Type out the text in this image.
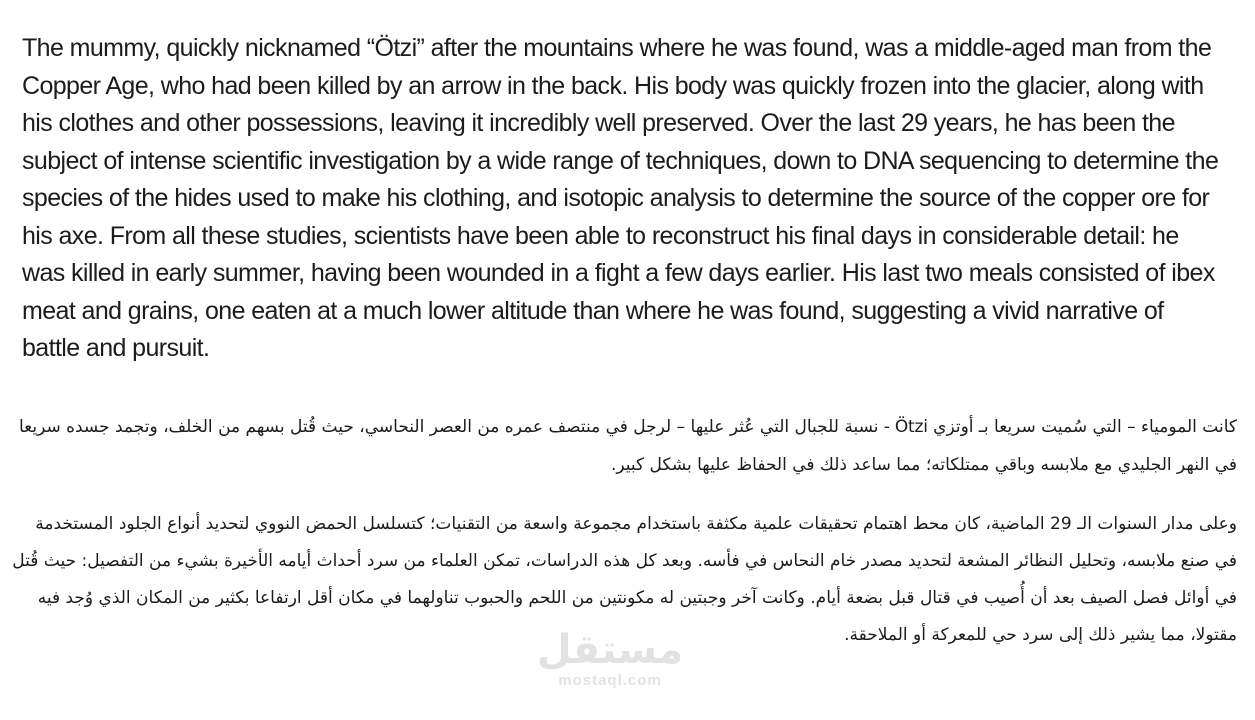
The mummy, quickly nicknamed “Ötzi” after the mountains where he was found, was a middle-aged man from the Copper Age, who had been killed by an arrow in the back. His body was quickly frozen into the glacier, along with his clothes and other possessions, leaving it incredibly well preserved. Over the last 29 years, he has been the subject of intense scientific investigation by a wide range of techniques, down to DNA sequencing to determine the species of the hides used to make his clothing, and isotopic analysis to determine the source of the copper ore for his axe. From all these studies, scientists have been able to reconstruct his final days in considerable detail: he was killed in early summer, having been wounded in a fight a few days earlier. His last two meals consisted of ibex meat and grains, one eaten at a much lower altitude than where he was found, suggesting a vivid narrative of battle and pursuit.

كانت المومياء – التي سُميت سريعا بـ أوتزي Ötzi - نسبة للجبال التي عُثر عليها – لرجل في منتصف عمره من العصر النحاسي، حيث قُتل بسهم من الخلف، وتجمد جسده سريعا في النهر الجليدي مع ملابسه وباقي ممتلكاته؛ مما ساعد ذلك في الحفاظ عليها بشكل كبير.

وعلى مدار السنوات الـ 29 الماضية، كان محط اهتمام تحقيقات علمية مكثفة باستخدام مجموعة واسعة من التقنيات؛ كتسلسل الحمض النووي لتحديد أنواع الجلود المستخدمة في صنع ملابسه، وتحليل النظائر المشعة لتحديد مصدر خام النحاس في فأسه. وبعد كل هذه الدراسات، تمكن العلماء من سرد أحداث أيامه الأخيرة بشيء من التفصيل: حيث قُتل في أوائل فصل الصيف بعد أن أُصيب في قتال قبل بضعة أيام. وكانت آخر وجبتين له مكونتين من اللحم والحبوب تناولهما في مكان أقل ارتفاعا بكثير من المكان الذي وُجد فيه مقتولا، مما يشير ذلك إلى سرد حي للمعركة أو الملاحقة.

مستقل
mostaql.com
